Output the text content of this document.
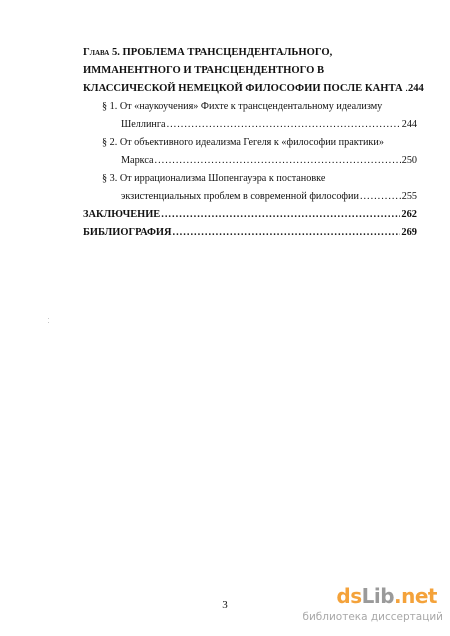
Глава 5. ПРОБЛЕМА ТРАНСЦЕНДЕНТАЛЬНОГО,
ИММАНЕНТНОГО И ТРАНСЦЕНДЕНТНОГО В
КЛАССИЧЕСКОЙ НЕМЕЦКОЙ ФИЛОСОФИИ ПОСЛЕ КАНТА . 244
§ 1. От «наукоучения» Фихте к трансцендентальному идеализму
Шеллинга .....	244
§ 2. От объективного идеализма Гегеля к «философии практики»
Маркса .....	250
§ 3. От иррационализма Шопенгауэра к постановке
экзистенциальных проблем в современной философии .....	255
ЗАКЛЮЧЕНИЕ .....	262
БИБЛИОГРАФИЯ .....	269
3	dsLib.net
библиотека диссертаций
